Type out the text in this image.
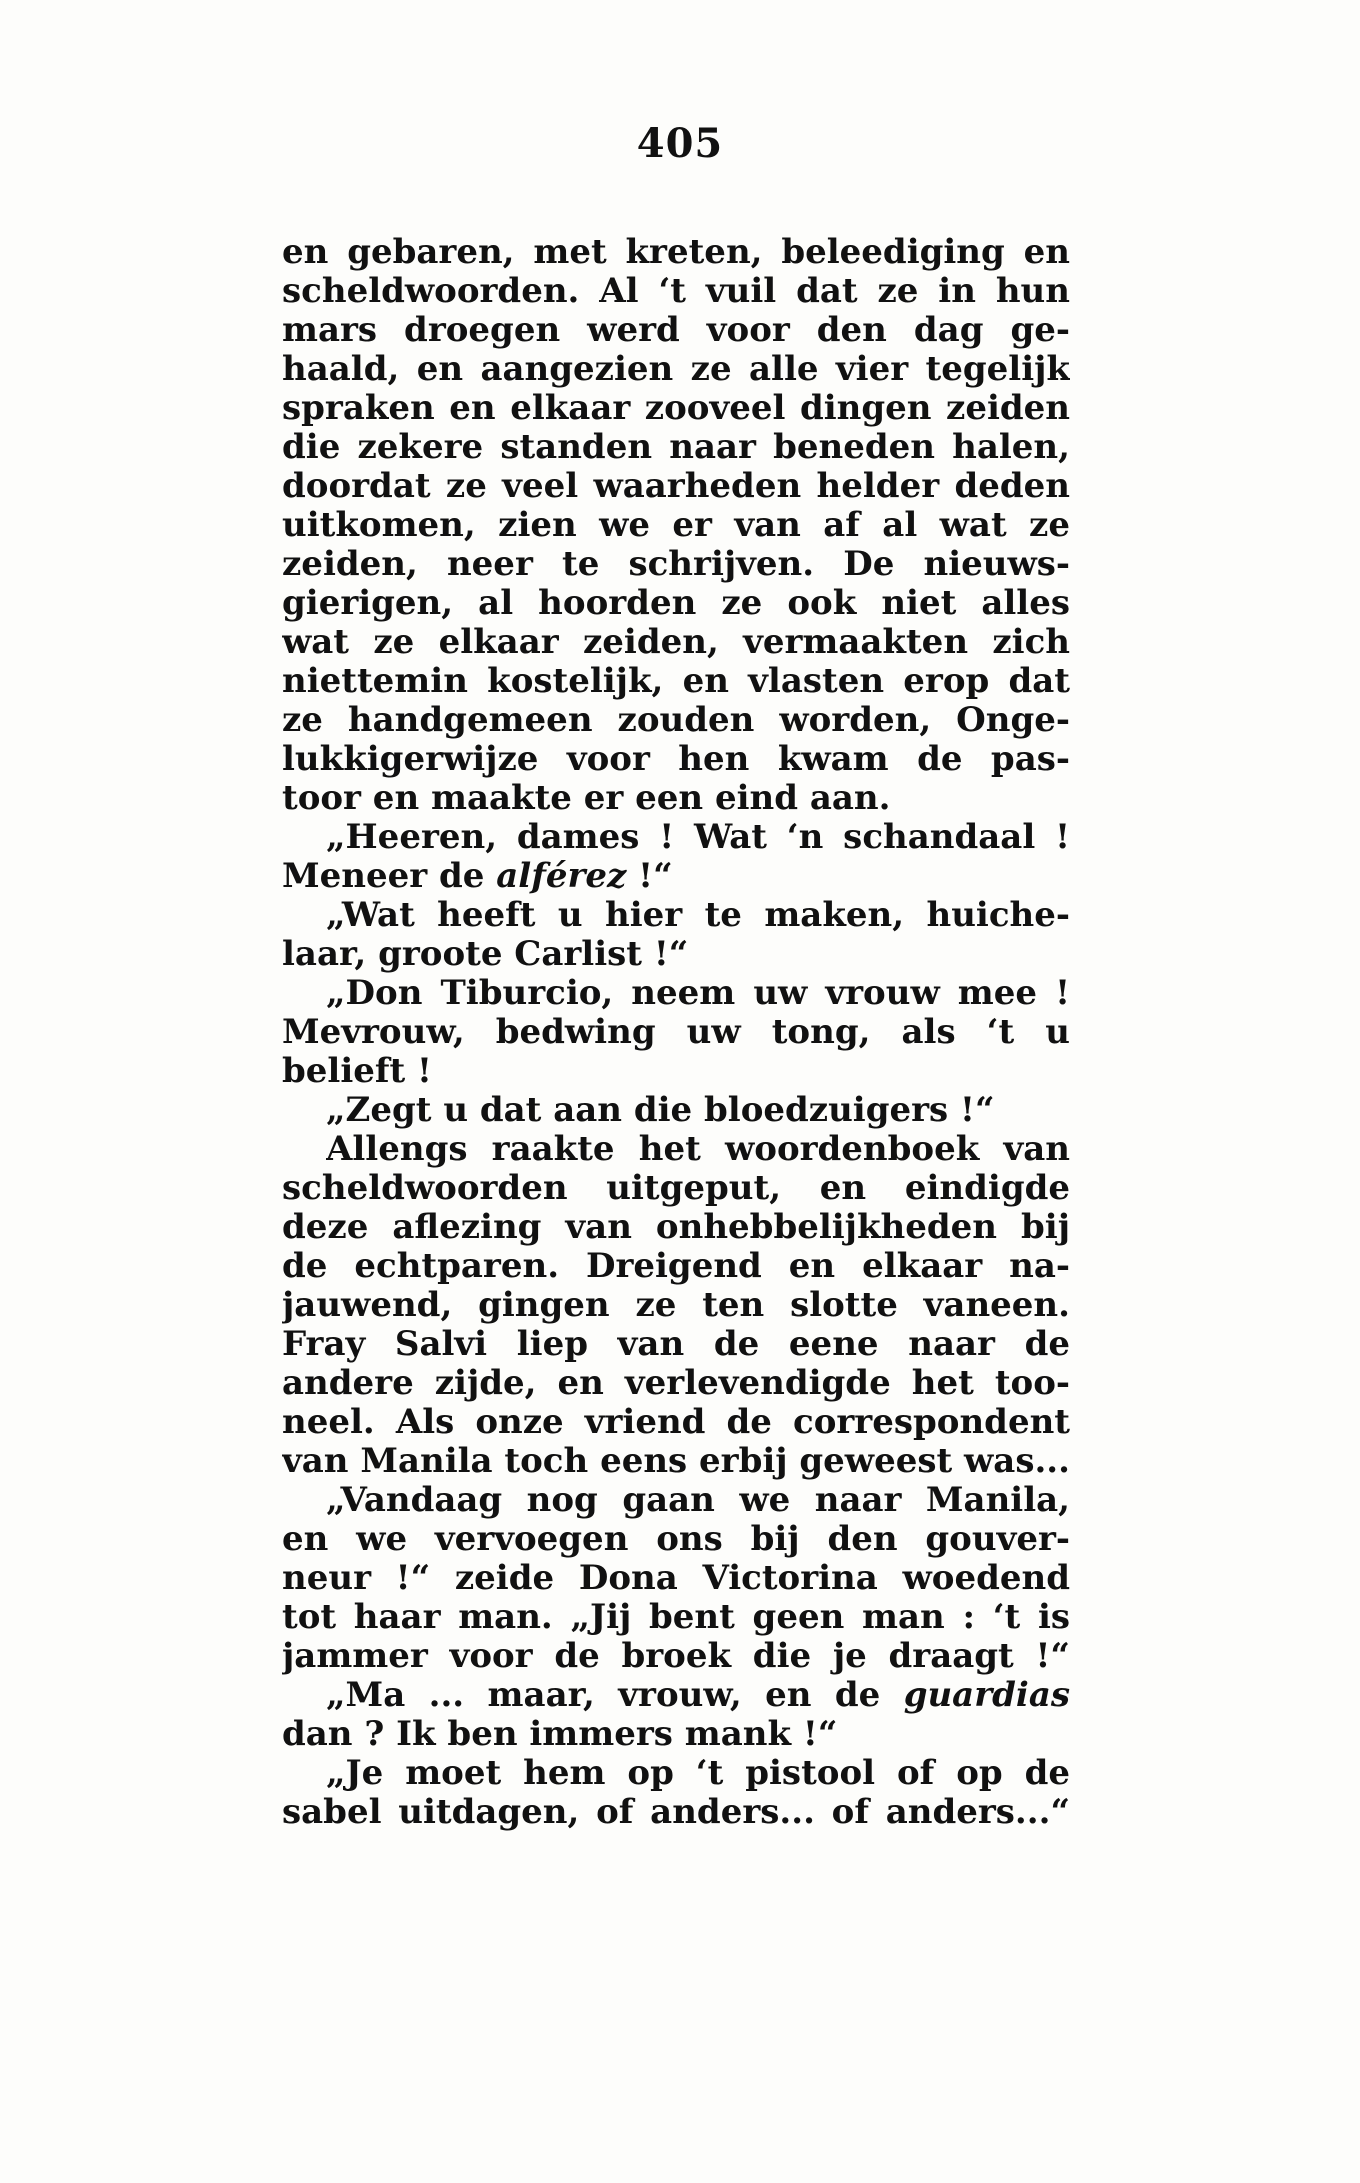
405
en gebaren, met kreten, beleediging en
scheldwoorden. Al ‘t vuil dat ze in hun
mars droegen werd voor den dag ge-
haald, en aangezien ze alle vier tegelijk
spraken en elkaar zooveel dingen zeiden
die zekere standen naar beneden halen,
doordat ze veel waarheden helder deden
uitkomen, zien we er van af al wat ze
zeiden, neer te schrijven. De nieuws-
gierigen, al hoorden ze ook niet alles
wat ze elkaar zeiden, vermaakten zich
niettemin kostelijk, en vlasten erop dat
ze handgemeen zouden worden, Onge-
lukkigerwijze voor hen kwam de pas-
toor en maakte er een eind aan.
„Heeren, dames ! Wat ‘n schandaal !
Meneer de alférez !“
„Wat heeft u hier te maken, huiche-
laar, groote Carlist !“
„Don Tiburcio, neem uw vrouw mee !
Mevrouw, bedwing uw tong, als ‘t u
belieft !
„Zegt u dat aan die bloedzuigers !“
Allengs raakte het woordenboek van
scheldwoorden uitgeput, en eindigde
deze aflezing van onhebbelijkheden bij
de echtparen. Dreigend en elkaar na-
jauwend, gingen ze ten slotte vaneen.
Fray Salvi liep van de eene naar de
andere zijde, en verlevendigde het too-
neel. Als onze vriend de correspondent
van Manila toch eens erbij geweest was...
„Vandaag nog gaan we naar Manila,
en we vervoegen ons bij den gouver-
neur !“ zeide Dona Victorina woedend
tot haar man. „Jij bent geen man : ‘t is
jammer voor de broek die je draagt !“
„Ma ... maar, vrouw, en de guardias
dan ? Ik ben immers mank !“
„Je moet hem op ‘t pistool of op de
sabel uitdagen, of anders... of anders...“
